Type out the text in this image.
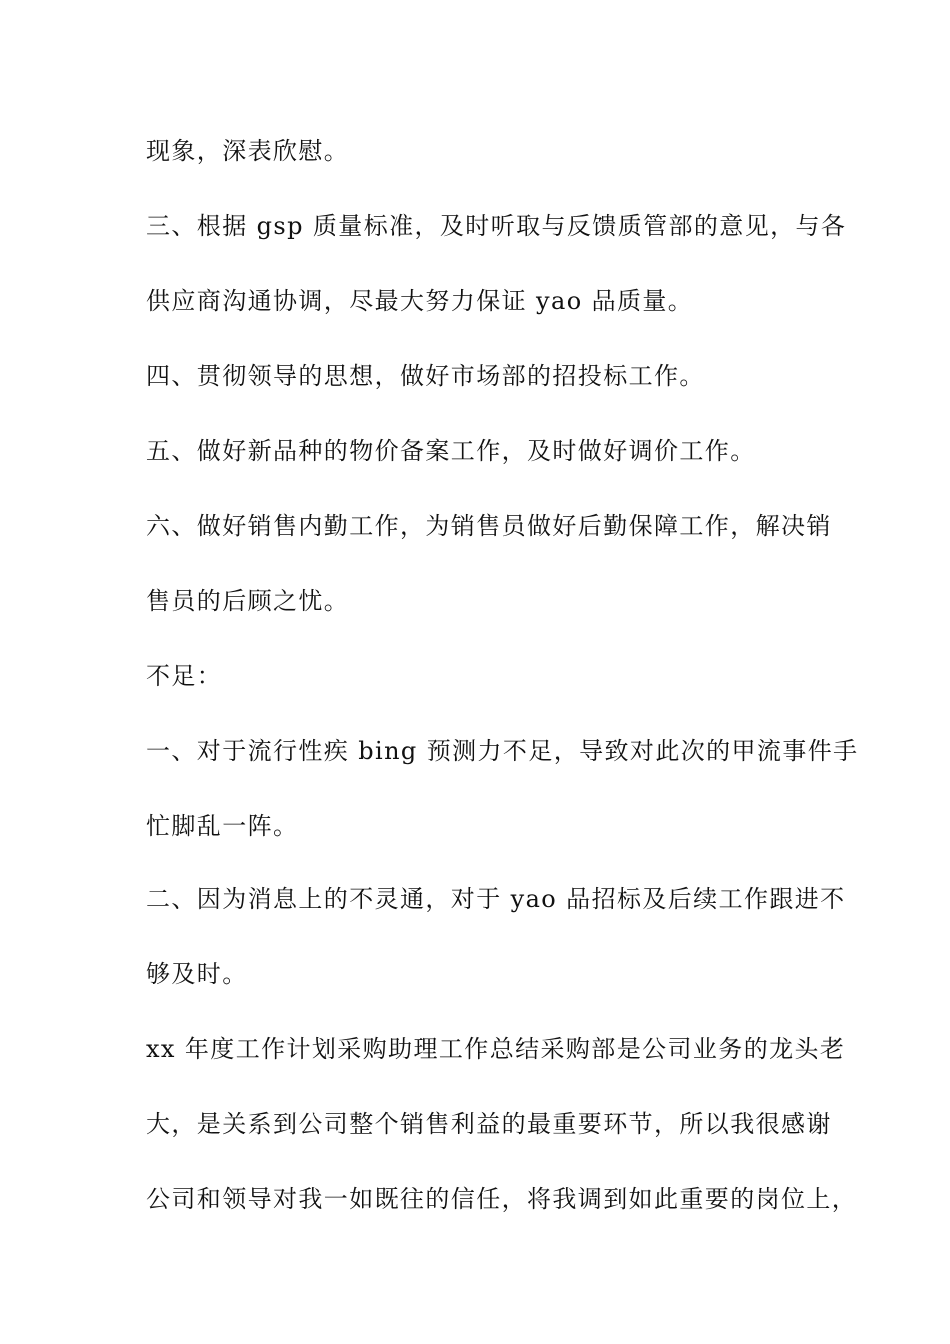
现象，深表欣慰。
三、根据 gsp 质量标准，及时听取与反馈质管部的意见，与各
供应商沟通协调，尽最大努力保证 yao 品质量。
四、贯彻领导的思想，做好市场部的招投标工作。
五、做好新品种的物价备案工作，及时做好调价工作。
六、做好销售内勤工作，为销售员做好后勤保障工作，解决销
售员的后顾之忧。
不足：
一、对于流行性疾 bing 预测力不足，导致对此次的甲流事件手
忙脚乱一阵。
二、因为消息上的不灵通，对于 yao 品招标及后续工作跟进不
够及时。
xx 年度工作计划采购助理工作总结采购部是公司业务的龙头老
大，是关系到公司整个销售利益的最重要环节，所以我很感谢
公司和领导对我一如既往的信任，将我调到如此重要的岗位上，
